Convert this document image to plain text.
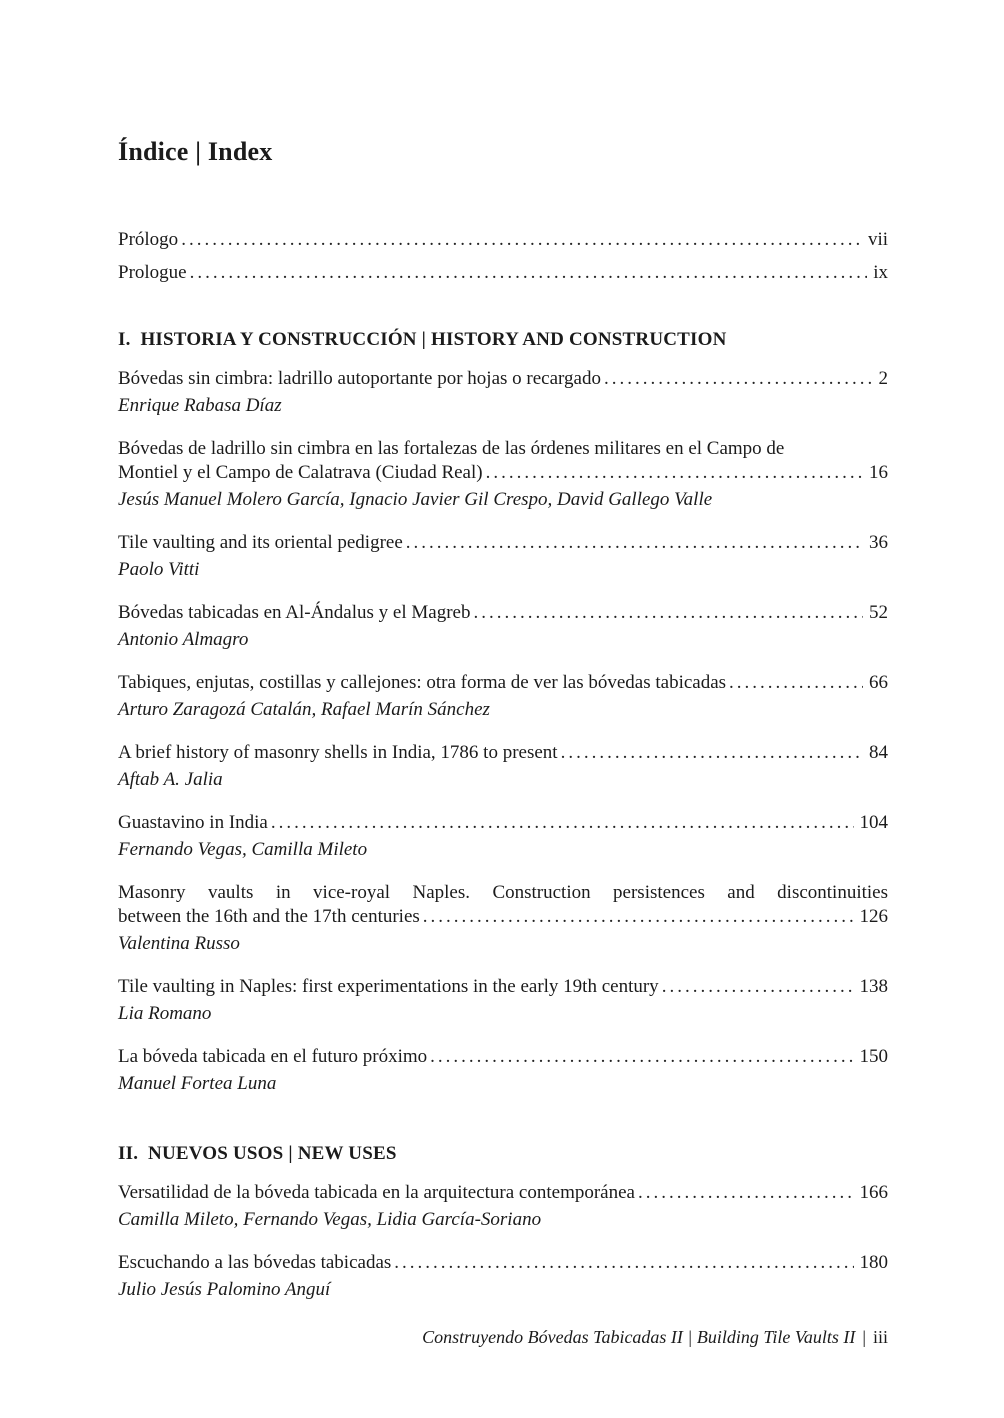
Índice | Index
Prólogo .....	vii
Prologue .....	ix
I.  HISTORIA Y CONSTRUCCIÓN | HISTORY AND CONSTRUCTION
Bóvedas sin cimbra: ladrillo autoportante por hojas o recargado .....	2
Enrique Rabasa Díaz
Bóvedas de ladrillo sin cimbra en las fortalezas de las órdenes militares en el Campo de
Montiel y el Campo de Calatrava (Ciudad Real) .....	16
Jesús Manuel Molero García, Ignacio Javier Gil Crespo, David Gallego Valle
Tile vaulting and its oriental pedigree .....	36
Paolo Vitti
Bóvedas tabicadas en Al-Ándalus y el Magreb .....	52
Antonio Almagro
Tabiques, enjutas, costillas y callejones: otra forma de ver las bóvedas tabicadas .....	66
Arturo Zaragozá Catalán, Rafael Marín Sánchez
A brief history of masonry shells in India, 1786 to present .....	84
Aftab A. Jalia
Guastavino in India .....	104
Fernando Vegas, Camilla Mileto
Masonry vaults in vice-royal Naples. Construction persistences and discontinuities
between the 16th and the 17th centuries .....	126
Valentina Russo
Tile vaulting in Naples: first experimentations in the early 19th century .....	138
Lia Romano
La bóveda tabicada en el futuro próximo .....	150
Manuel Fortea Luna
II.  NUEVOS USOS | NEW USES
Versatilidad de la bóveda tabicada en la arquitectura contemporánea .....	166
Camilla Mileto, Fernando Vegas, Lidia García-Soriano
Escuchando a las bóvedas tabicadas .....	180
Julio Jesús Palomino Anguí
Construyendo Bóvedas Tabicadas II | Building Tile Vaults II | iii
